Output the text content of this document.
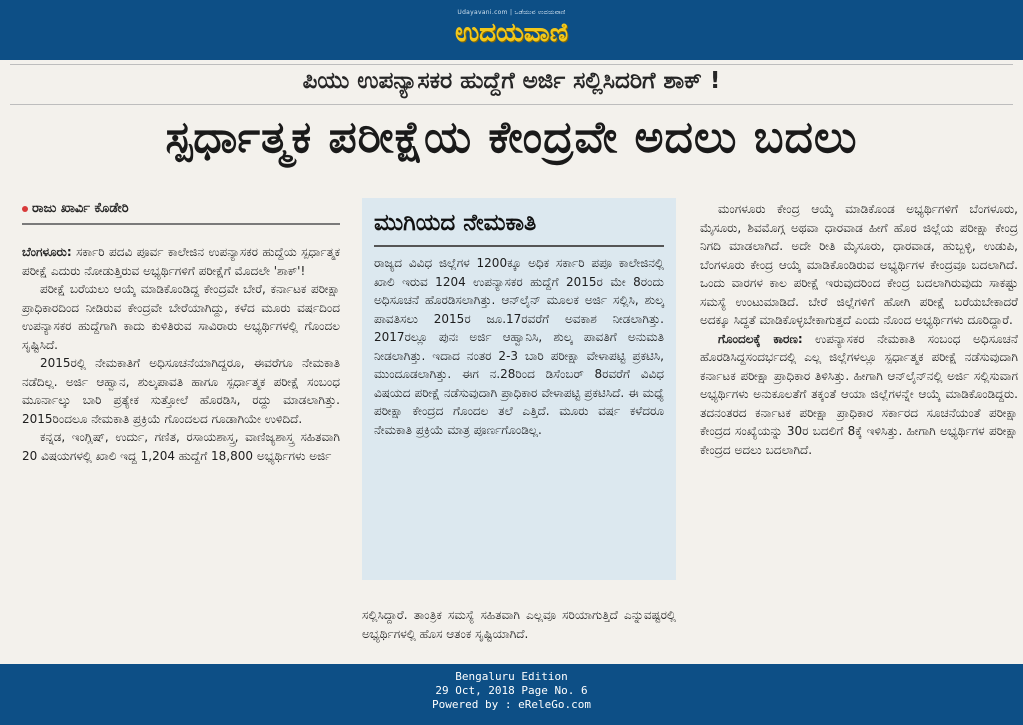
Udayavani.com | ಒಡೆಯುವ ಉದಯವಾಣಿ
ಉದಯವಾಣಿ
ಪಿಯು ಉಪನ್ಯಾಸಕರ ಹುದ್ದೆಗೆ ಅರ್ಜಿ ಸಲ್ಲಿಸಿದರಿಗೆ ಶಾಕ್ !
ಸ್ಪರ್ಧಾತ್ಮಕ ಪರೀಕ್ಷೆಯ ಕೇಂದ್ರವೇ ಅದಲು ಬದಲು
ರಾಜು ಖಾರ್ವಿ ಕೊಡೇರಿ

ಬೆಂಗಳೂರು: ಸರ್ಕಾರಿ ಪದವಿ ಪೂರ್ವ ಕಾಲೇಜಿನ ಉಪನ್ಯಾಸಕರ ಹುದ್ದೆಯ ಸ್ಪರ್ಧಾತ್ಮಕ ಪರೀಕ್ಷೆ ಎದುರು ನೋಡುತ್ತಿರುವ ಅಭ್ಯರ್ಥಿಗಳಿಗೆ ಪರೀಕ್ಷೆಗೆ ಮೊದಲೇ 'ಶಾಕ್'!

ಪರೀಕ್ಷೆ ಬರೆಯಲು ಆಯ್ಕೆ ಮಾಡಿಕೊಂಡಿದ್ದ ಕೇಂದ್ರವೇ ಬೇರೆ, ಕರ್ನಾಟಕ ಪರೀಕ್ಷಾ ಪ್ರಾಧಿಕಾರದಿಂದ ನೀಡಿರುವ ಕೇಂದ್ರವೇ ಬೇರೆಯಾಗಿದ್ದು, ಕಳೆದ ಮೂರು ವರ್ಷದಿಂದ ಉಪನ್ಯಾಸಕರ ಹುದ್ದೆಗಾಗಿ ಕಾದು ಕುಳಿತಿರುವ ಸಾವಿರಾರು ಅಭ್ಯರ್ಥಿಗಳಲ್ಲಿ ಗೊಂದಲ ಸೃಷ್ಟಿಸಿದೆ.

2015ರಲ್ಲಿ ನೇಮಕಾತಿಗೆ ಅಧಿಸೂಚನೆಯಾಗಿದ್ದರೂ, ಈವರೆಗೂ ನೇಮಕಾತಿ ನಡೆದಿಲ್ಲ. ಅರ್ಜಿ ಆಹ್ವಾನ, ಶುಲ್ಕಪಾವತಿ ಹಾಗೂ ಸ್ಪರ್ಧಾತ್ಮಕ ಪರೀಕ್ಷೆ ಸಂಬಂಧ ಮೂರ್ನಾಲ್ಕು ಬಾರಿ ಪ್ರತ್ಯೇಕ ಸುತ್ತೋಲೆ ಹೊರಡಿಸಿ, ರದ್ದು ಮಾಡಲಾಗಿತ್ತು. 2015ರಿಂದಲೂ ನೇಮಕಾತಿ ಪ್ರಕ್ರಿಯೆ ಗೊಂದಲದ ಗೂಡಾಗಿಯೇ ಉಳಿದಿದೆ.

ಕನ್ನಡ, ಇಂಗ್ಲಿಷ್, ಉರ್ದು, ಗಣಿತ, ರಸಾಯಶಾಸ್ತ್ರ, ವಾಣಿಜ್ಯಶಾಸ್ತ್ರ ಸಹಿತವಾಗಿ 20 ವಿಷಯಗಳಲ್ಲಿ ಖಾಲಿ ಇದ್ದ 1,204 ಹುದ್ದೆಗೆ 18,800 ಅಭ್ಯರ್ಥಿಗಳು ಅರ್ಜಿ

ಮುಗಿಯದ ನೇಮಕಾತಿ

ರಾಜ್ಯದ ವಿವಿಧ ಜಿಲ್ಲೆಗಳ 1200ಕ್ಕೂ ಅಧಿಕ ಸರ್ಕಾರಿ ಪಪೂ ಕಾಲೇಜಿನಲ್ಲಿ ಖಾಲಿ ಇರುವ 1204 ಉಪನ್ಯಾಸಕರ ಹುದ್ದೆಗೆ 2015ರ ಮೇ 8ರಂದು ಅಧಿಸೂಚನೆ ಹೊರಡಿಸಲಾಗಿತ್ತು. ಆನ್‌ಲೈನ್ ಮೂಲಕ ಅರ್ಜಿ ಸಲ್ಲಿಸಿ, ಶುಲ್ಕ ಪಾವತಿಸಲು 2015ರ ಜೂ.17ರವರೆಗೆ ಅವಕಾಶ ನೀಡಲಾಗಿತ್ತು. 2017ರಲ್ಲೂ ಪುನಃ ಅರ್ಜಿ ಆಹ್ವಾನಿಸಿ, ಶುಲ್ಕ ಪಾವತಿಗೆ ಅನುಮತಿ ನೀಡಲಾಗಿತ್ತು. ಇದಾದ ನಂತರ 2-3 ಬಾರಿ ಪರೀಕ್ಷಾ ವೇಳಾಪಟ್ಟಿ ಪ್ರಕಟಿಸಿ, ಮುಂದೂಡಲಾಗಿತ್ತು. ಈಗ ನ.28ರಿಂದ ಡಿಸೆಂಬರ್ 8ರವರೆಗೆ ವಿವಿಧ ವಿಷಯದ ಪರೀಕ್ಷೆ ನಡೆಸುವುದಾಗಿ ಪ್ರಾಧಿಕಾರ ವೇಳಾಪಟ್ಟಿ ಪ್ರಕಟಿಸಿದೆ. ಈ ಮಧ್ಯೆ ಪರೀಕ್ಷಾ ಕೇಂದ್ರದ ಗೊಂದಲ ತಲೆ ಎತ್ತಿದೆ. ಮೂರು ವರ್ಷ ಕಳೆದರೂ ನೇಮಕಾತಿ ಪ್ರಕ್ರಿಯೆ ಮಾತ್ರ ಪೂರ್ಣಗೊಂಡಿಲ್ಲ.

ಸಲ್ಲಿಸಿದ್ದಾರೆ. ತಾಂತ್ರಿಕ ಸಮಸ್ಯೆ ಸಹಿತವಾಗಿ ಎಲ್ಲವೂ ಸರಿಯಾಗುತ್ತಿದೆ ಎನ್ನುವಷ್ಟರಲ್ಲಿ ಅಭ್ಯರ್ಥಿಗಳಲ್ಲಿ ಹೊಸ ಆತಂಕ ಸೃಷ್ಟಿಯಾಗಿದೆ.

ಮಂಗಳೂರು ಕೇಂದ್ರ ಆಯ್ಕೆ ಮಾಡಿಕೊಂಡ ಅಭ್ಯರ್ಥಿಗಳಿಗೆ ಬೆಂಗಳೂರು, ಮೈಸೂರು, ಶಿವಮೊಗ್ಗ ಅಥವಾ ಧಾರವಾಡ ಹೀಗೆ ಹೊರ ಜಿಲ್ಲೆಯ ಪರೀಕ್ಷಾ ಕೇಂದ್ರ ನಿಗದಿ ಮಾಡಲಾಗಿದೆ. ಅದೇ ರೀತಿ ಮೈಸೂರು, ಧಾರವಾಡ, ಹುಬ್ಬಳ್ಳಿ, ಉಡುಪಿ, ಬೆಂಗಳೂರು ಕೇಂದ್ರ ಆಯ್ಕೆ ಮಾಡಿಕೊಂಡಿರುವ ಅಭ್ಯರ್ಥಿಗಳ ಕೇಂದ್ರವೂ ಬದಲಾಗಿದೆ. ಒಂದು ವಾರಗಳ ಕಾಲ ಪರೀಕ್ಷೆ ಇರುವುದರಿಂದ ಕೇಂದ್ರ ಬದಲಾಗಿರುವುದು ಸಾಕಷ್ಟು ಸಮಸ್ಯೆ ಉಂಟುಮಾಡಿದೆ. ಬೇರೆ ಜಿಲ್ಲೆಗಳಿಗೆ ಹೋಗಿ ಪರೀಕ್ಷೆ ಬರೆಯಬೇಕಾದರೆ ಅದಕ್ಕೂ ಸಿದ್ಧತೆ ಮಾಡಿಕೊಳ್ಳಬೇಕಾಗುತ್ತದೆ ಎಂದು ನೊಂದ ಅಭ್ಯರ್ಥಿಗಳು ದೂರಿದ್ದಾರೆ.

ಗೊಂದಲಕ್ಕೆ ಕಾರಣ: ಉಪನ್ಯಾಸಕರ ನೇಮಕಾತಿ ಸಂಬಂಧ ಅಧಿಸೂಚನೆ ಹೊರಡಿಸಿದ್ದಸಂದರ್ಭದಲ್ಲಿ ಎಲ್ಲ ಜಿಲ್ಲೆಗಳಲ್ಲೂ ಸ್ಪರ್ಧಾತ್ಮಕ ಪರೀಕ್ಷೆ ನಡೆಸುವುದಾಗಿ ಕರ್ನಾಟಕ ಪರೀಕ್ಷಾ ಪ್ರಾಧಿಕಾರ ತಿಳಿಸಿತ್ತು. ಹೀಗಾಗಿ ಆನ್‌ಲೈನ್‌ನಲ್ಲಿ ಅರ್ಜಿ ಸಲ್ಲಿಸುವಾಗ ಅಭ್ಯರ್ಥಿಗಳು ಅನುಕೂಲತೆಗೆ ತಕ್ಕಂತೆ ಆಯಾ ಜಿಲ್ಲೆಗಳನ್ನೇ ಆಯ್ಕೆ ಮಾಡಿಕೊಂಡಿದ್ದರು. ತದನಂತರದ ಕರ್ನಾಟಕ ಪರೀಕ್ಷಾ ಪ್ರಾಧಿಕಾರ ಸರ್ಕಾರದ ಸೂಚನೆಯಂತೆ ಪರೀಕ್ಷಾ ಕೇಂದ್ರದ ಸಂಖ್ಯೆಯನ್ನು 30ರ ಬದಲಿಗೆ 8ಕ್ಕೆ ಇಳಿಸಿತ್ತು. ಹೀಗಾಗಿ ಅಭ್ಯರ್ಥಿಗಳ ಪರೀಕ್ಷಾ ಕೇಂದ್ರದ ಅದಲು ಬದಲಾಗಿದೆ.

Bengaluru Edition
29 Oct, 2018 Page No. 6
Powered by : eReleGo.com
